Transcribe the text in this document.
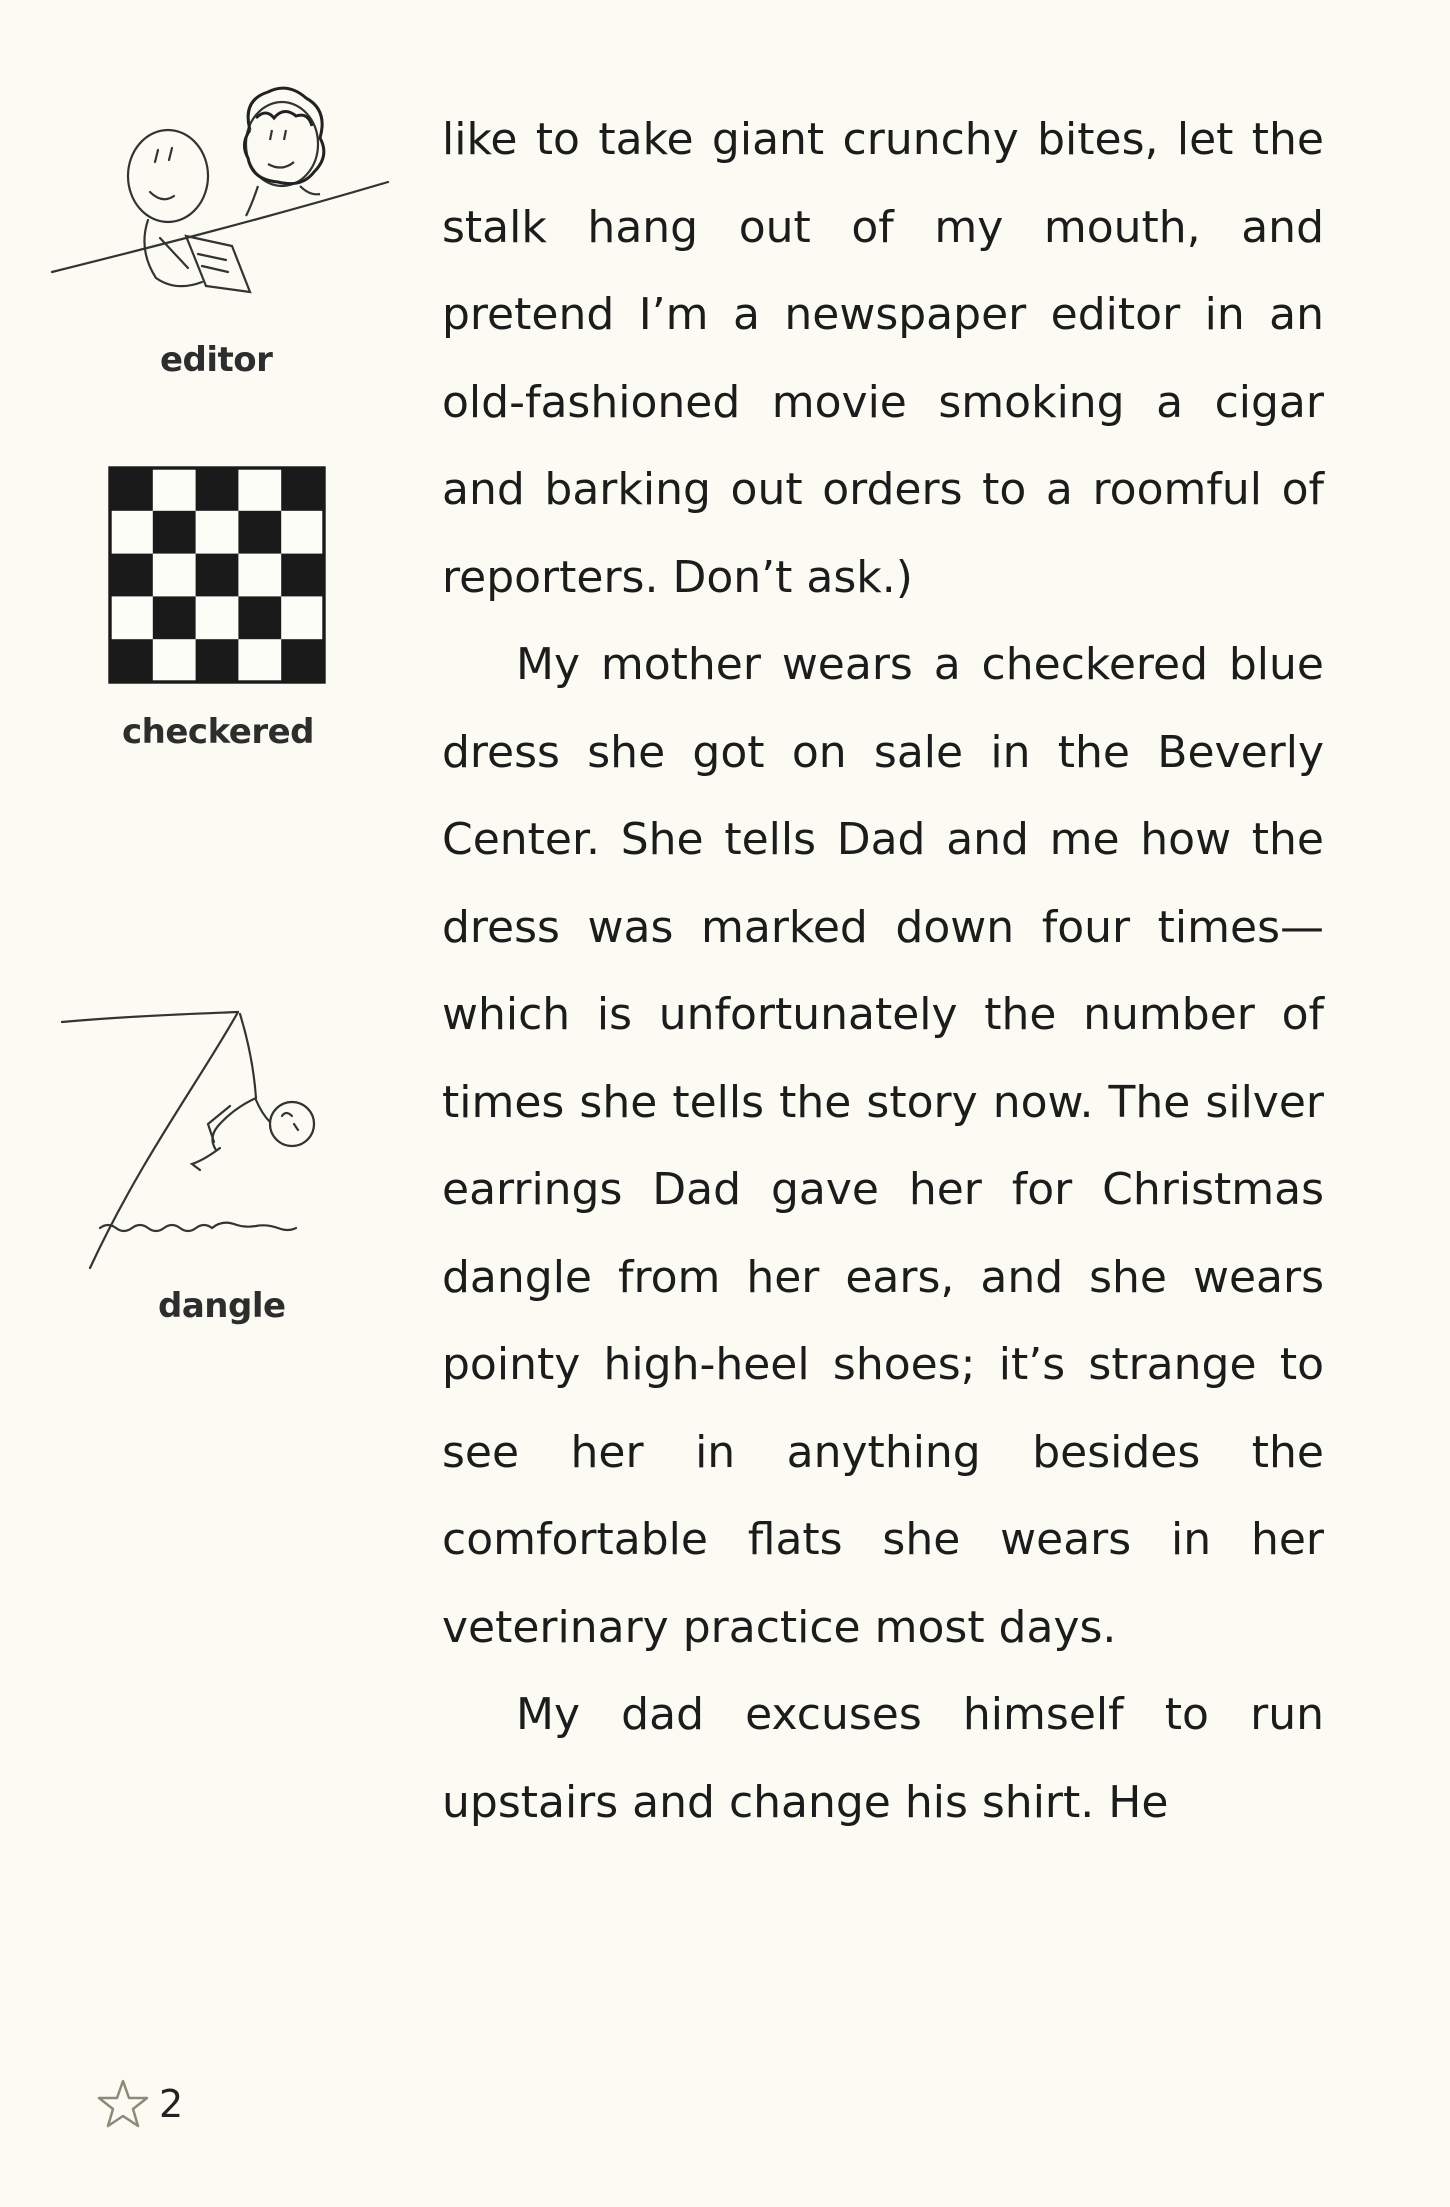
editor
checkered
dangle

like to take giant crunchy bites, let the stalk hang out of my mouth, and pretend I’m a newspaper editor in an old-fashioned movie smoking a cigar and barking out orders to a roomful of reporters. Don’t ask.)

My mother wears a checkered blue dress she got on sale in the Beverly Center. She tells Dad and me how the dress was marked down four times—which is unfortunately the number of times she tells the story now. The silver earrings Dad gave her for Christmas dangle from her ears, and she wears pointy high-heel shoes; it’s strange to see her in anything besides the comfortable flats she wears in her veterinary practice most days.

My dad excuses himself to run upstairs and change his shirt. He

2
